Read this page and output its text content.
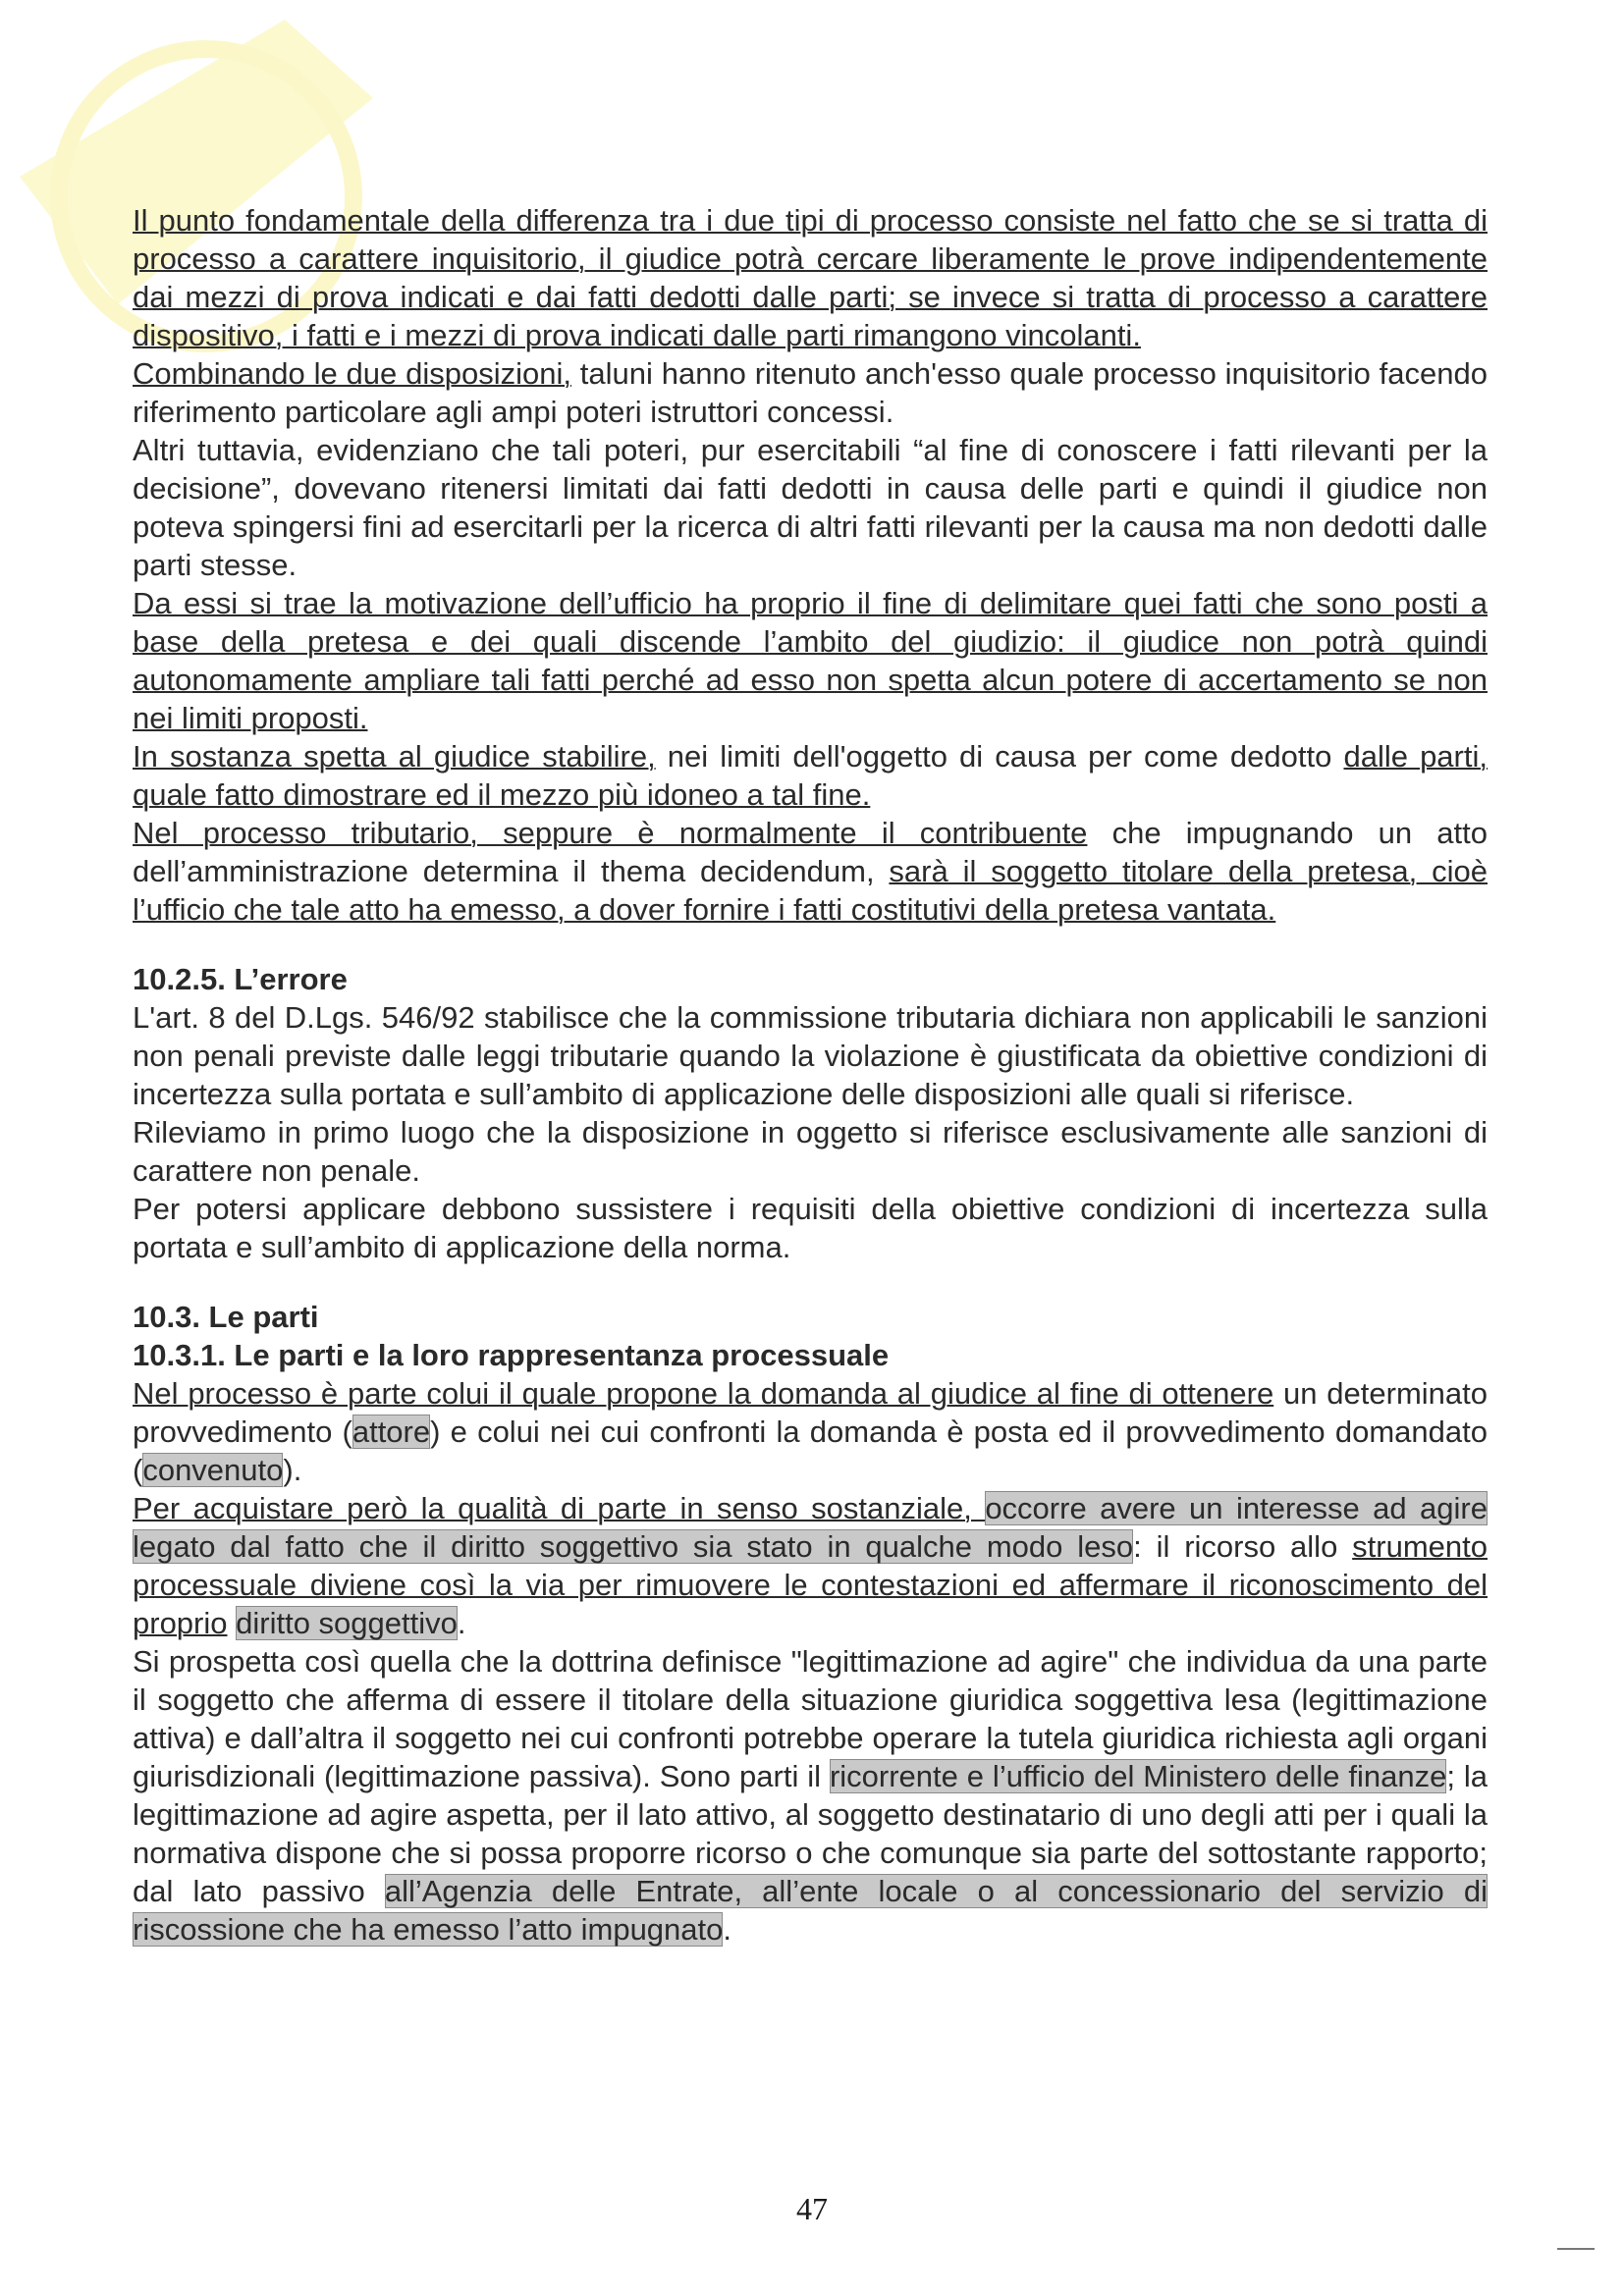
Il punto fondamentale della differenza tra i due tipi di processo consiste nel fatto che se si tratta di processo a carattere inquisitorio, il giudice potrà cercare liberamente le prove indipendentemente dai mezzi di prova indicati e dai fatti dedotti dalle parti; se invece si tratta di processo a carattere dispositivo, i fatti e i mezzi di prova indicati dalle parti rimangono vincolanti.

Combinando le due disposizioni, taluni hanno ritenuto anch'esso quale processo inquisitorio facendo riferimento particolare agli ampi poteri istruttori concessi.

Altri tuttavia, evidenziano che tali poteri, pur esercitabili “al fine di conoscere i fatti rilevanti per la decisione”, dovevano ritenersi limitati dai fatti dedotti in causa delle parti e quindi il giudice non poteva spingersi fini ad esercitarli per la ricerca di altri fatti rilevanti per la causa ma non dedotti dalle parti stesse.

Da essi si trae la motivazione dell’ufficio ha proprio il fine di delimitare quei fatti che sono posti a base della pretesa e dei quali discende l’ambito del giudizio: il giudice non potrà quindi autonomamente ampliare tali fatti perché ad esso non spetta alcun potere di accertamento se non nei limiti proposti.

In sostanza spetta al giudice stabilire, nei limiti dell'oggetto di causa per come dedotto dalle parti, quale fatto dimostrare ed il mezzo più idoneo a tal fine.

Nel processo tributario, seppure è normalmente il contribuente che impugnando un atto dell’amministrazione determina il thema decidendum, sarà il soggetto titolare della pretesa, cioè l’ufficio che tale atto ha emesso, a dover fornire i fatti costitutivi della pretesa vantata.

10.2.5. L’errore

L'art. 8 del D.Lgs. 546/92 stabilisce che la commissione tributaria dichiara non applicabili le sanzioni non penali previste dalle leggi tributarie quando la violazione è giustificata da obiettive condizioni di incertezza sulla portata e sull’ambito di applicazione delle disposizioni alle quali si riferisce.

Rileviamo in primo luogo che la disposizione in oggetto si riferisce esclusivamente alle sanzioni di carattere non penale.

Per potersi applicare debbono sussistere i requisiti della obiettive condizioni di incertezza sulla portata e sull’ambito di applicazione della norma.

10.3. Le parti
10.3.1. Le parti e la loro rappresentanza processuale

Nel processo è parte colui il quale propone la domanda al giudice al fine di ottenere un determinato provvedimento (attore) e colui nei cui confronti la domanda è posta ed il provvedimento domandato (convenuto).

Per acquistare però la qualità di parte in senso sostanziale, occorre avere un interesse ad agire legato dal fatto che il diritto soggettivo sia stato in qualche modo leso: il ricorso allo strumento processuale diviene così la via per rimuovere le contestazioni ed affermare il riconoscimento del proprio diritto soggettivo.

Si prospetta così quella che la dottrina definisce "legittimazione ad agire" che individua da una parte il soggetto che afferma di essere il titolare della situazione giuridica soggettiva lesa (legittimazione attiva) e dall’altra il soggetto nei cui confronti potrebbe operare la tutela giuridica richiesta agli organi giurisdizionali (legittimazione passiva). Sono parti il ricorrente e l’ufficio del Ministero delle finanze; la legittimazione ad agire aspetta, per il lato attivo, al soggetto destinatario di uno degli atti per i quali la normativa dispone che si possa proporre ricorso o che comunque sia parte del sottostante rapporto; dal lato passivo all’Agenzia delle Entrate, all’ente locale o al concessionario del servizio di riscossione che ha emesso l’atto impugnato.

47
